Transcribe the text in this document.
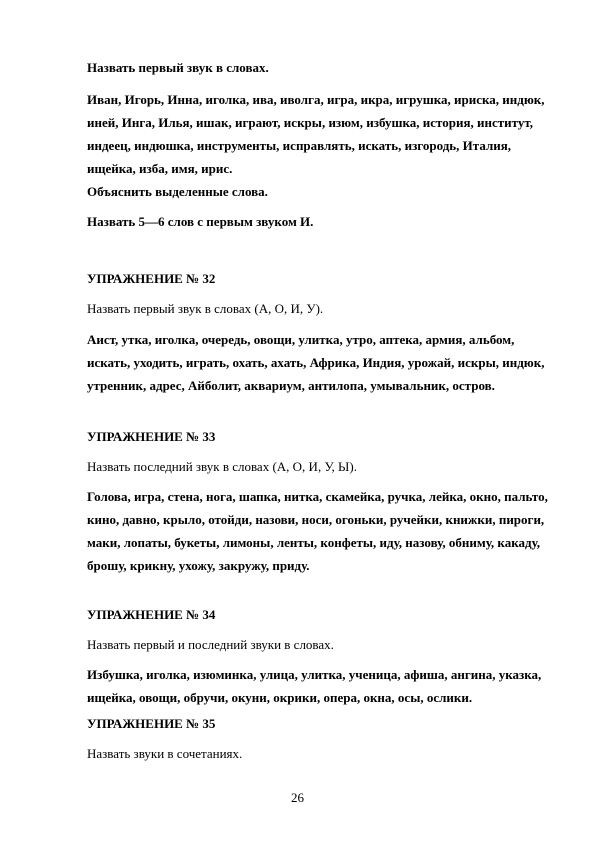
Назвать первый звук в словах.
Иван, Игорь, Инна, иголка, ива, иволга, игра, икра, игрушка, ириска, индюк,
иней, Инга, Илья, ишак, играют, искры, изюм, избушка, история, институт,
индеец, индюшка, инструменты, исправлять, искать, изгородь, Италия,
ищейка, изба, имя, ирис.
Объяснить выделенные слова.
Назвать 5—6 слов с первым звуком И.
УПРАЖНЕНИЕ № 32
Назвать первый звук в словах (А, О, И, У).
Аист, утка, иголка, очередь, овощи, улитка, утро, аптека, армия, альбом,
искать, уходить, играть, охать, ахать, Африка, Индия, урожай, искры, индюк,
утренник, адрес, Айболит, аквариум, антилопа, умывальник, остров.
УПРАЖНЕНИЕ № 33
Назвать последний звук в словах (А, О, И, У, Ы).
Голова, игра, стена, нога, шапка, нитка, скамейка, ручка, лейка, окно, пальто,
кино, давно, крыло, отойди, назови, носи, огоньки, ручейки, книжки, пироги,
маки, лопаты, букеты, лимоны, ленты, конфеты, иду, назову, обниму, какаду,
брошу, крикну, ухожу, закружу, приду.
УПРАЖНЕНИЕ № 34
Назвать первый и последний звуки в словах.
Избушка, иголка, изюминка, улица, улитка, ученица, афиша, ангина, указка,
ищейка, овощи, обручи, окуни, окрики, опера, окна, осы, ослики.
УПРАЖНЕНИЕ № 35
Назвать звуки в сочетаниях.
26
